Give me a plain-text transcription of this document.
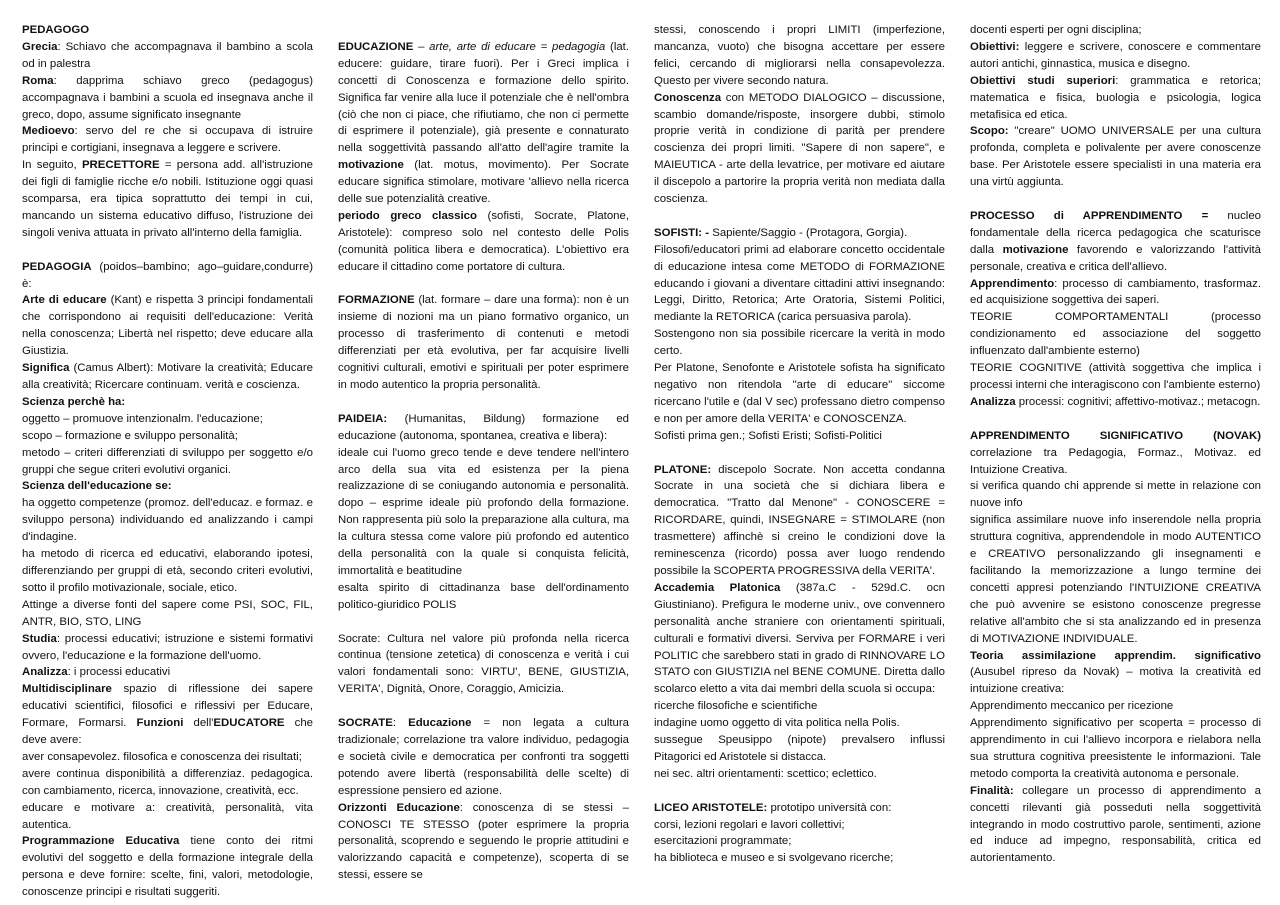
PEDAGOGO

Grecia: Schiavo che accompagnava il bambino a scola od in palestra

Roma: dapprima schiavo greco (pedagogus) accompagnava i bambini a scuola ed insegnava anche il greco, dopo, assume significato insegnante

Medioevo: servo del re che si occupava di istruire principi e cortigiani, insegnava a leggere e scrivere.

In seguito, PRECETTORE = persona add. all'istruzione dei figli di famiglie ricche e/o nobili. Istituzione oggi quasi scomparsa, era tipica soprattutto dei tempi in cui, mancando un sistema educativo diffuso, l'istruzione dei singoli veniva attuata in privato all'interno della famiglia.

PEDAGOGIA (poidos–bambino; ago–guidare,condurre) è:

Arte di educare (Kant) e rispetta 3 principi fondamentali che corrispondono ai requisiti dell'educazione: Verità nella conoscenza; Libertà nel rispetto; deve educare alla Giustizia.

Significa (Camus Albert): Motivare la creatività; Educare alla creatività; Ricercare continuam. verità e coscienza.

Scienza perchè ha:

oggetto – promuove intenzionalm. l'educazione;

scopo – formazione e sviluppo personalità;

metodo – criteri differenziati di sviluppo per soggetto e/o gruppi che segue criteri evolutivi organici.

Scienza dell'educazione se:

ha oggetto competenze (promoz. dell'educaz. e formaz. e sviluppo persona) individuando ed analizzando i campi d'indagine.

ha metodo di ricerca ed educativi, elaborando ipotesi, differenziando per gruppi di età, secondo criteri evolutivi, sotto il profilo motivazionale, sociale, etico.

Attinge a diverse fonti del sapere come PSI, SOC, FIL, ANTR, BIO, STO, LING

Studia: processi educativi; istruzione e sistemi formativi ovvero, l'educazione e la formazione dell'uomo.

Analizza: i processi educativi

Multidisciplinare spazio di riflessione dei sapere educativi scientifici, filosofici e riflessivi per Educare, Formare, Formarsi. Funzioni dell'EDUCATORE che deve avere:

aver consapevolez. filosofica e conoscenza dei risultati;

avere continua disponibilità a differenziaz. pedagogica. con cambiamento, ricerca, innovazione, creatività, ecc.

educare e motivare a: creatività, personalità, vita autentica.

Programmazione Educativa tiene conto dei ritmi evolutivi del soggetto e della formazione integrale della persona e deve fornire: scelte, fini, valori, metodologie, conoscenze principi e risultati suggeriti.

EDUCAZIONE – arte, arte di educare = pedagogia (lat. educere: guidare, tirare fuori). Per i Greci implica i concetti di Conoscenza e formazione dello spirito. Significa far venire alla luce il potenziale che è nell'ombra (ciò che non ci piace, che rifiutiamo, che non ci permette di esprimere il potenziale), già presente e connaturato nella soggettività passando all'atto dell'agire tramite la motivazione (lat. motus, movimento). Per Socrate educare significa stimolare, motivare 'allievo nella ricerca delle sue potenzialità creative.

periodo greco classico (sofisti, Socrate, Platone, Aristotele): compreso solo nel contesto delle Polis (comunità politica libera e democratica). L'obiettivo era educare il cittadino come portatore di cultura.

FORMAZIONE (lat. formare – dare una forma): non è un insieme di nozioni ma un piano formativo organico, un processo di trasferimento di contenuti e metodi differenziati per età evolutiva, per far acquisire livelli cognitivi culturali, emotivi e spirituali per poter esprimere in modo autentico la propria personalità.

PAIDEIA: (Humanitas, Bildung) formazione ed educazione (autonoma, spontanea, creativa e libera):

ideale cui l'uomo greco tende e deve tendere nell'intero arco della sua vita ed esistenza per la piena realizzazione di se coniugando autonomia e personalità. dopo – esprime ideale più profondo della formazione. Non rappresenta più solo la preparazione alla cultura, ma la cultura stessa come valore più profondo ed autentico della personalità con la quale si conquista felicità, immortalità e beatitudine

esalta spirito di cittadinanza base dell'ordinamento politico-giuridico POLIS

Socrate: Cultura nel valore più profonda nella ricerca continua (tensione zetetica) di conoscenza e verità i cui valori fondamentali sono: VIRTU', BENE, GIUSTIZIA, VERITA', Dignità, Onore, Coraggio, Amicizia.

SOCRATE: Educazione = non legata a cultura tradizionale; correlazione tra valore individuo, pedagogia e società civile e democratica per confronti tra soggetti potendo avere libertà (responsabilità delle scelte) di espressione pensiero ed azione.

Orizzonti Educazione: conoscenza di se stessi – CONOSCI TE STESSO (poter esprimere la propria personalità, scoprendo e seguendo le proprie attitudini e valorizzando capacità e competenze), scoperta di se stessi, essere se

stessi, conoscendo i propri LIMITI (imperfezione, mancanza, vuoto) che bisogna accettare per essere felici, cercando di migliorarsi nella consapevolezza. Questo per vivere secondo natura.

Conoscenza con METODO DIALOGICO – discussione, scambio domande/risposte, insorgere dubbi, stimolo proprie verità in condizione di parità per prendere coscienza dei propri limiti. "Sapere di non sapere", e MAIEUTICA - arte della levatrice, per motivare ed aiutare il discepolo a partorire la propria verità non mediata dalla coscienza.

SOFISTI: - Sapiente/Saggio - (Protagora, Gorgia).

Filosofi/educatori primi ad elaborare concetto occidentale di educazione intesa come METODO di FORMAZIONE educando i giovani a diventare cittadini attivi insegnando: Leggi, Diritto, Retorica; Arte Oratoria, Sistemi Politici, mediante la RETORICA (carica persuasiva parola).

Sostengono non sia possibile ricercare la verità in modo certo.

Per Platone, Senofonte e Aristotele sofista ha significato negativo non ritendola "arte di educare" siccome ricercano l'utile e (dal V sec) professano dietro compenso e non per amore della VERITA' e CONOSCENZA.

Sofisti prima gen.; Sofisti Eristi; Sofisti-Politici

PLATONE: discepolo Socrate. Non accetta condanna Socrate in una società che si dichiara libera e democratica. "Tratto dal Menone" - CONOSCERE = RICORDARE, quindi, INSEGNARE = STIMOLARE (non trasmettere) affinchè si creino le condizioni dove la reminescenza (ricordo) possa aver luogo rendendo possibile la SCOPERTA PROGRESSIVA della VERITA'.

Accademia Platonica (387a.C - 529d.C. ocn Giustiniano). Prefigura le moderne univ., ove convennero personalità anche straniere con orientamenti spirituali, culturali e formativi diversi. Serviva per FORMARE i veri POLITIC che sarebbero stati in grado di RINNOVARE LO STATO con GIUSTIZIA nel BENE COMUNE. Diretta dallo scolarco eletto a vita dai membri della scuola si occupa:

ricerche filosofiche e scientifiche

indagine uomo oggetto di vita politica nella Polis.

susseguе Speusippo (nipote) prevalsero influssi Pitagorici ed Aristotele si distacca.

nei sec. altri orientamenti: scettico; eclettico.

LICEO ARISTOTELE: prototipo università con:

corsi, lezioni regolari e lavori collettivi;

esercitazioni programmate;

ha biblioteca e museo e si svolgevano ricerche;

docenti esperti per ogni disciplina;

Obiettivi: leggere e scrivere, conoscere e commentare autori antichi, ginnastica, musica e disegno.

Obiettivi studi superiori: grammatica e retorica; matematica e fisica, buologia e psicologia, logica metafisica ed etica.

Scopo: "creare" UOMO UNIVERSALE per una cultura profonda, completa e polivalente per avere conoscenze base. Per Aristotele essere specialisti in una materia era una virtù aggiunta.

PROCESSO di APPRENDIMENTO = nucleo fondamentale della ricerca pedagogica che scaturisce dalla motivazione favorendo e valorizzando l'attività personale, creativa e critica dell'allievo.

Apprendimento: processo di cambiamento, trasformaz. ed acquisizione soggettiva dei saperi.

TEORIE COMPORTAMENTALI (processo condizionamento ed associazione del soggetto influenzato dall'ambiente esterno)

TEORIE COGNITIVE (attività soggettiva che implica i processi interni che interagiscono con l'ambiente esterno)

Analizza processi: cognitivi; affettivo-motivaz.; metacogn.

APPRENDIMENTO SIGNIFICATIVO (NOVAK) correlazione tra Pedagogia, Formaz., Motivaz. ed Intuizione Creativa.

si verifica quando chi apprende si mette in relazione con nuove info

significa assimilare nuove info inserendole nella propria struttura cognitiva, apprendendole in modo AUTENTICO e CREATIVO personalizzando gli insegnamenti e facilitando la memorizzazione a lungo termine dei concetti appresi potenziando l'INTUIZIONE CREATIVA che può avvenire se esistono conoscenze pregresse relative all'ambito che si sta analizzando ed in presenza di MOTIVAZIONE INDIVIDUALE.

Teoria assimilazione apprendim. significativo (Ausubel ripreso da Novak) – motiva la creatività ed intuizione creativa:

Apprendimento meccanico per ricezione

Apprendimento significativo per scoperta = processo di apprendimento in cui l'allievo incorpora e rielabora nella sua struttura cognitiva preesistente le informazioni. Tale metodo comporta la creatività autonoma e personale.

Finalità: collegare un processo di apprendimento a concetti rilevanti già posseduti nella soggettività integrando in modo costruttivo parole, sentimenti, azione ed induce ad impegno, responsabilità, critica ed autorientamento.
